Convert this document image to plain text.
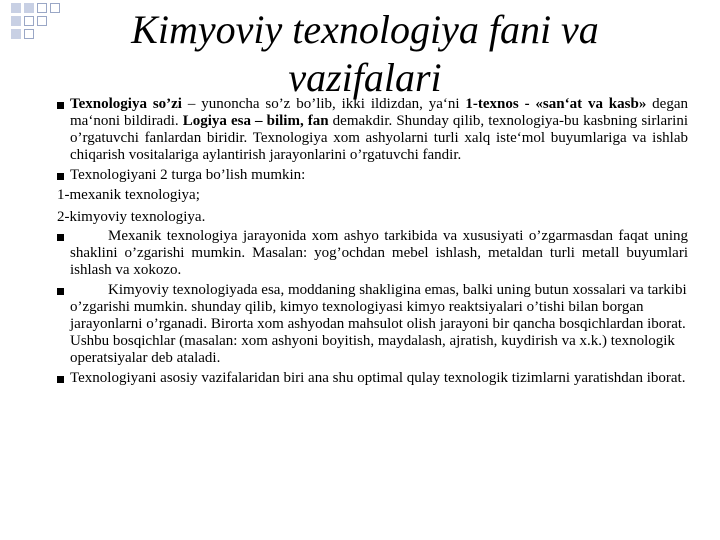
Kimyoviy texnologiya fani va vazifalari

Texnologiya so’zi – yunoncha so’z bo’lib, ikki ildizdan, ya‘ni 1-texnos - «san‘at va kasb» degan ma‘noni bildiradi. Logiya esa – bilim, fan demakdir. Shunday qilib, texnologiya-bu kasbning sirlarini o’rgatuvchi fanlardan biridir. Texnologiya xom ashyolarni turli xalq iste‘mol buyumlariga va ishlab chiqarish vositalariga aylantirish jarayonlarini o’rgatuvchi fandir.

Texnologiyani 2 turga bo’lish mumkin:

1-mexanik texnologiya;

2-kimyoviy texnologiya.

Mexanik texnologiya jarayonida xom ashyo tarkibida va xususiyati o’zgarmasdan faqat uning shaklini o’zgarishi mumkin. Masalan: yog’ochdan mebel ishlash, metaldan turli metall buyumlari ishlash va xokozo.

Kimyoviy texnologiyada esa, moddaning shakligina emas, balki uning butun xossalari va tarkibi o’zgarishi mumkin. shunday qilib, kimyo texnologiyasi kimyo reaktsiyalari o’tishi bilan borgan jarayonlarni o’rganadi. Birorta xom ashyodan mahsulot olish jarayoni bir qancha bosqichlardan iborat. Ushbu bosqichlar (masalan: xom ashyoni boyitish, maydalash, ajratish, kuydirish va x.k.) texnologik operatsiyalar deb ataladi.

Texnologiyani asosiy vazifalaridan biri ana shu optimal qulay texnologik tizimlarni yaratishdan iborat.
